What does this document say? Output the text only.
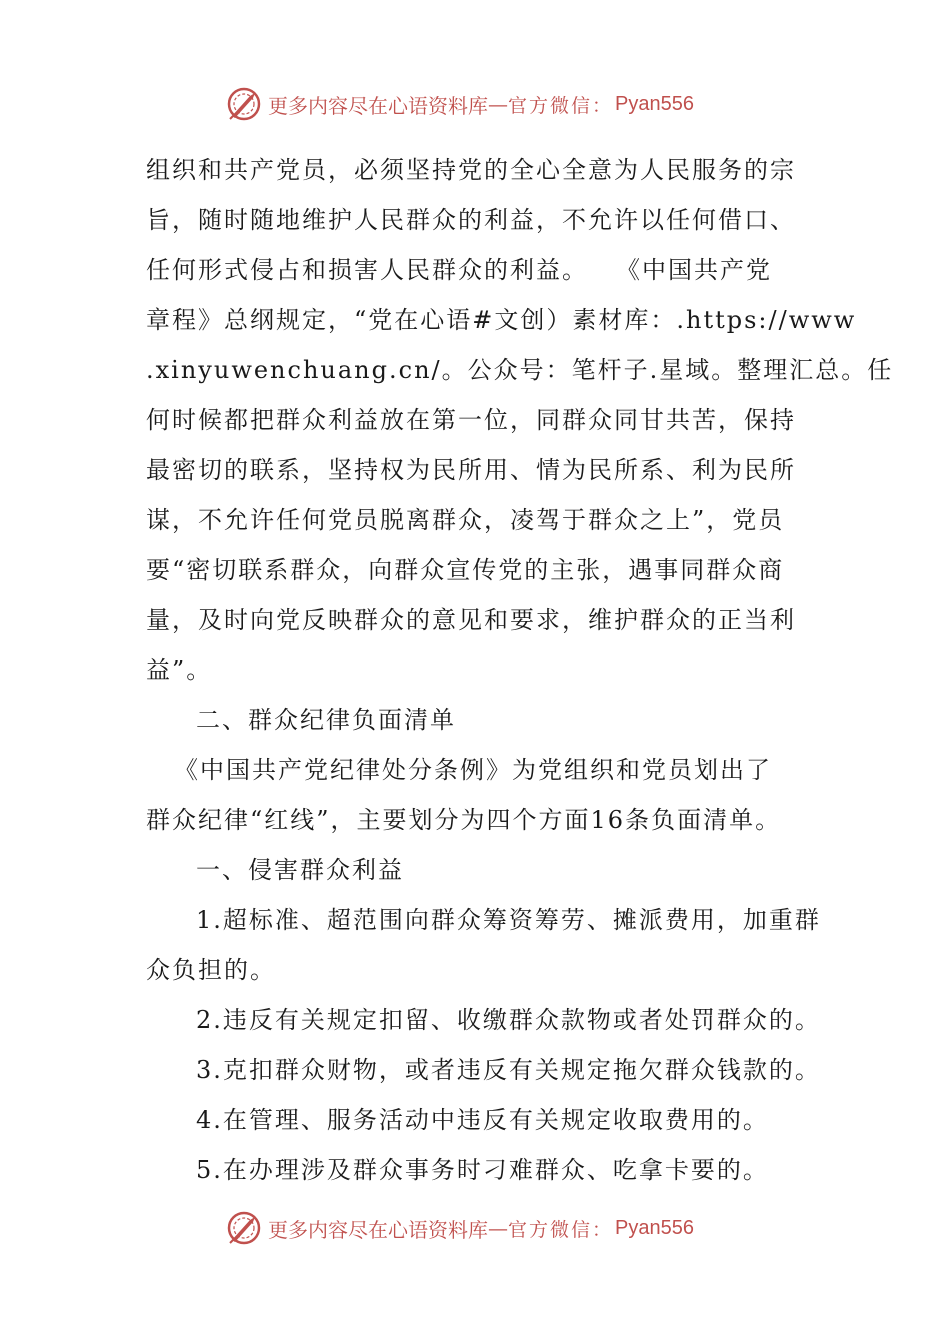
更多内容尽在心语资料库 — 官方微信： Pyan556
组织和共产党员，必须坚持党的全心全意为人民服务的宗
旨，随时随地维护人民群众的利益，不允许以任何借口、
任何形式侵占和损害人民群众的利益。　　《中国共产党
章程》总纲规定，“党在心语#文创）素材库：.https://www
.xinyuwenchuang.cn/。公众号：笔杆子.星域。整理汇总。任
何时候都把群众利益放在第一位，同群众同甘共苦，保持
最密切的联系，坚持权为民所用、情为民所系、利为民所
谋，不允许任何党员脱离群众，凌驾于群众之上”，党员
要“密切联系群众，向群众宣传党的主张，遇事同群众商
量，及时向党反映群众的意见和要求，维护群众的正当利
益”。
二、群众纪律负面清单
《中国共产党纪律处分条例》为党组织和党员划出了
群众纪律“红线”，主要划分为四个方面16条负面清单。
一、侵害群众利益
1.超标准、超范围向群众筹资筹劳、摊派费用，加重群
众负担的。
2.违反有关规定扣留、收缴群众款物或者处罚群众的。
3.克扣群众财物，或者违反有关规定拖欠群众钱款的。
4.在管理、服务活动中违反有关规定收取费用的。
5.在办理涉及群众事务时刁难群众、吃拿卡要的。
更多内容尽在心语资料库 — 官方微信： Pyan556
